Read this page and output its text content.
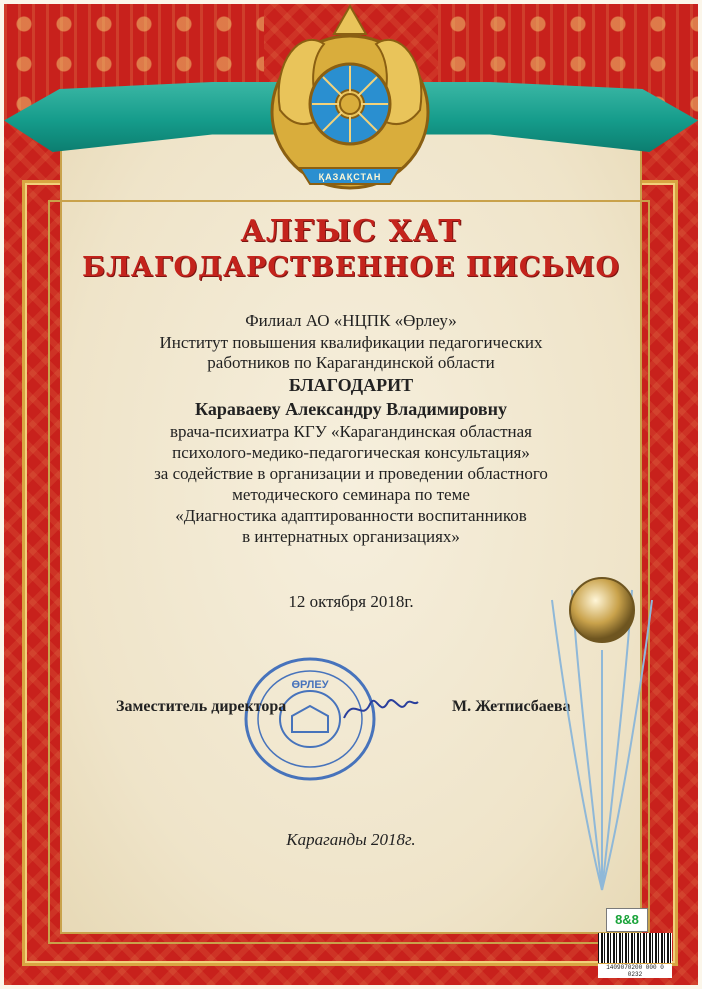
ҚАЗАҚСТАН
АЛҒЫС ХАТ
БЛАГОДАРСТВЕННОЕ ПИСЬМО
Филиал АО «НЦПК «Өрлеу»
Институт повышения квалификации педагогических
работников по Карагандинской области
БЛАГОДАРИТ
Караваеву Александру Владимировну
врача-психиатра КГУ «Карагандинская областная
психолого-медико-педагогическая консультация»
за содействие в организации и проведении областного
методического семинара по теме
«Диагностика адаптированности воспитанников
в интернатных организациях»
12 октября 2018г.
ӨРЛЕУ
Заместитель директора	М. Жетписбаева
Караганды 2018г.
8&8
1409070200 000 0 0232
